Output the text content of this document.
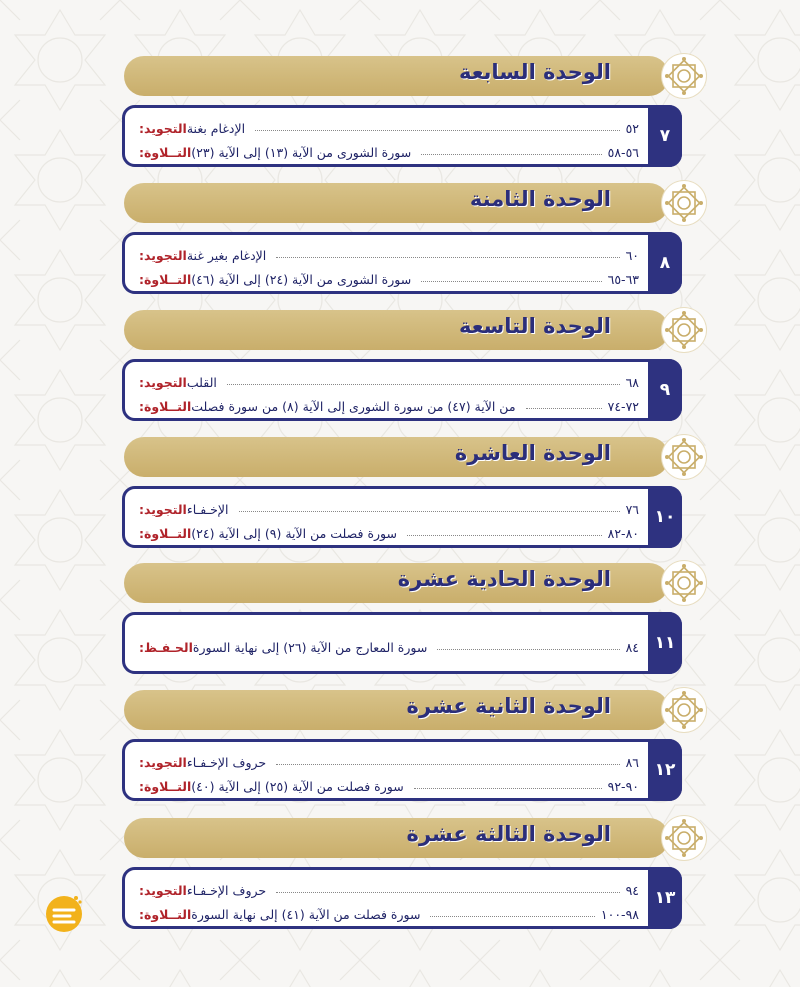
الوحدة السابعة
٧
التجويد: الإدغام بغنة	٥٢
التــلاوة: سورة الشورى من الآية (١٣) إلى الآية (٢٣)	٥٦-٥٨
الوحدة الثامنة
٨
التجويد: الإدغام بغير غنة	٦٠
التــلاوة: سورة الشورى من الآية (٢٤) إلى الآية (٤٦)	٦٣-٦٥
الوحدة التاسعة
٩
التجويد: القلب	٦٨
التــلاوة: من الآية (٤٧) من سورة الشورى إلى الآية (٨) من سورة فصلت	٧٢-٧٤
الوحدة العاشرة
١٠
التجويد: الإخـفـاء	٧٦
التــلاوة: سورة فصلت من الآية (٩) إلى الآية (٢٤)	٨٠-٨٢
الوحدة الحادية عشرة
١١
الحـفـظ: سورة المعارج من الآية (٢٦) إلى نهاية السورة	٨٤
الوحدة الثانية عشرة
١٢
التجويد: حروف الإخـفـاء	٨٦
التــلاوة: سورة فصلت من الآية (٢٥) إلى الآية (٤٠)	٩٠-٩٢
الوحدة الثالثة عشرة
١٣
التجويد: حروف الإخـفـاء	٩٤
التــلاوة: سورة فصلت من الآية (٤١) إلى نهاية السورة	٩٨-١٠٠
